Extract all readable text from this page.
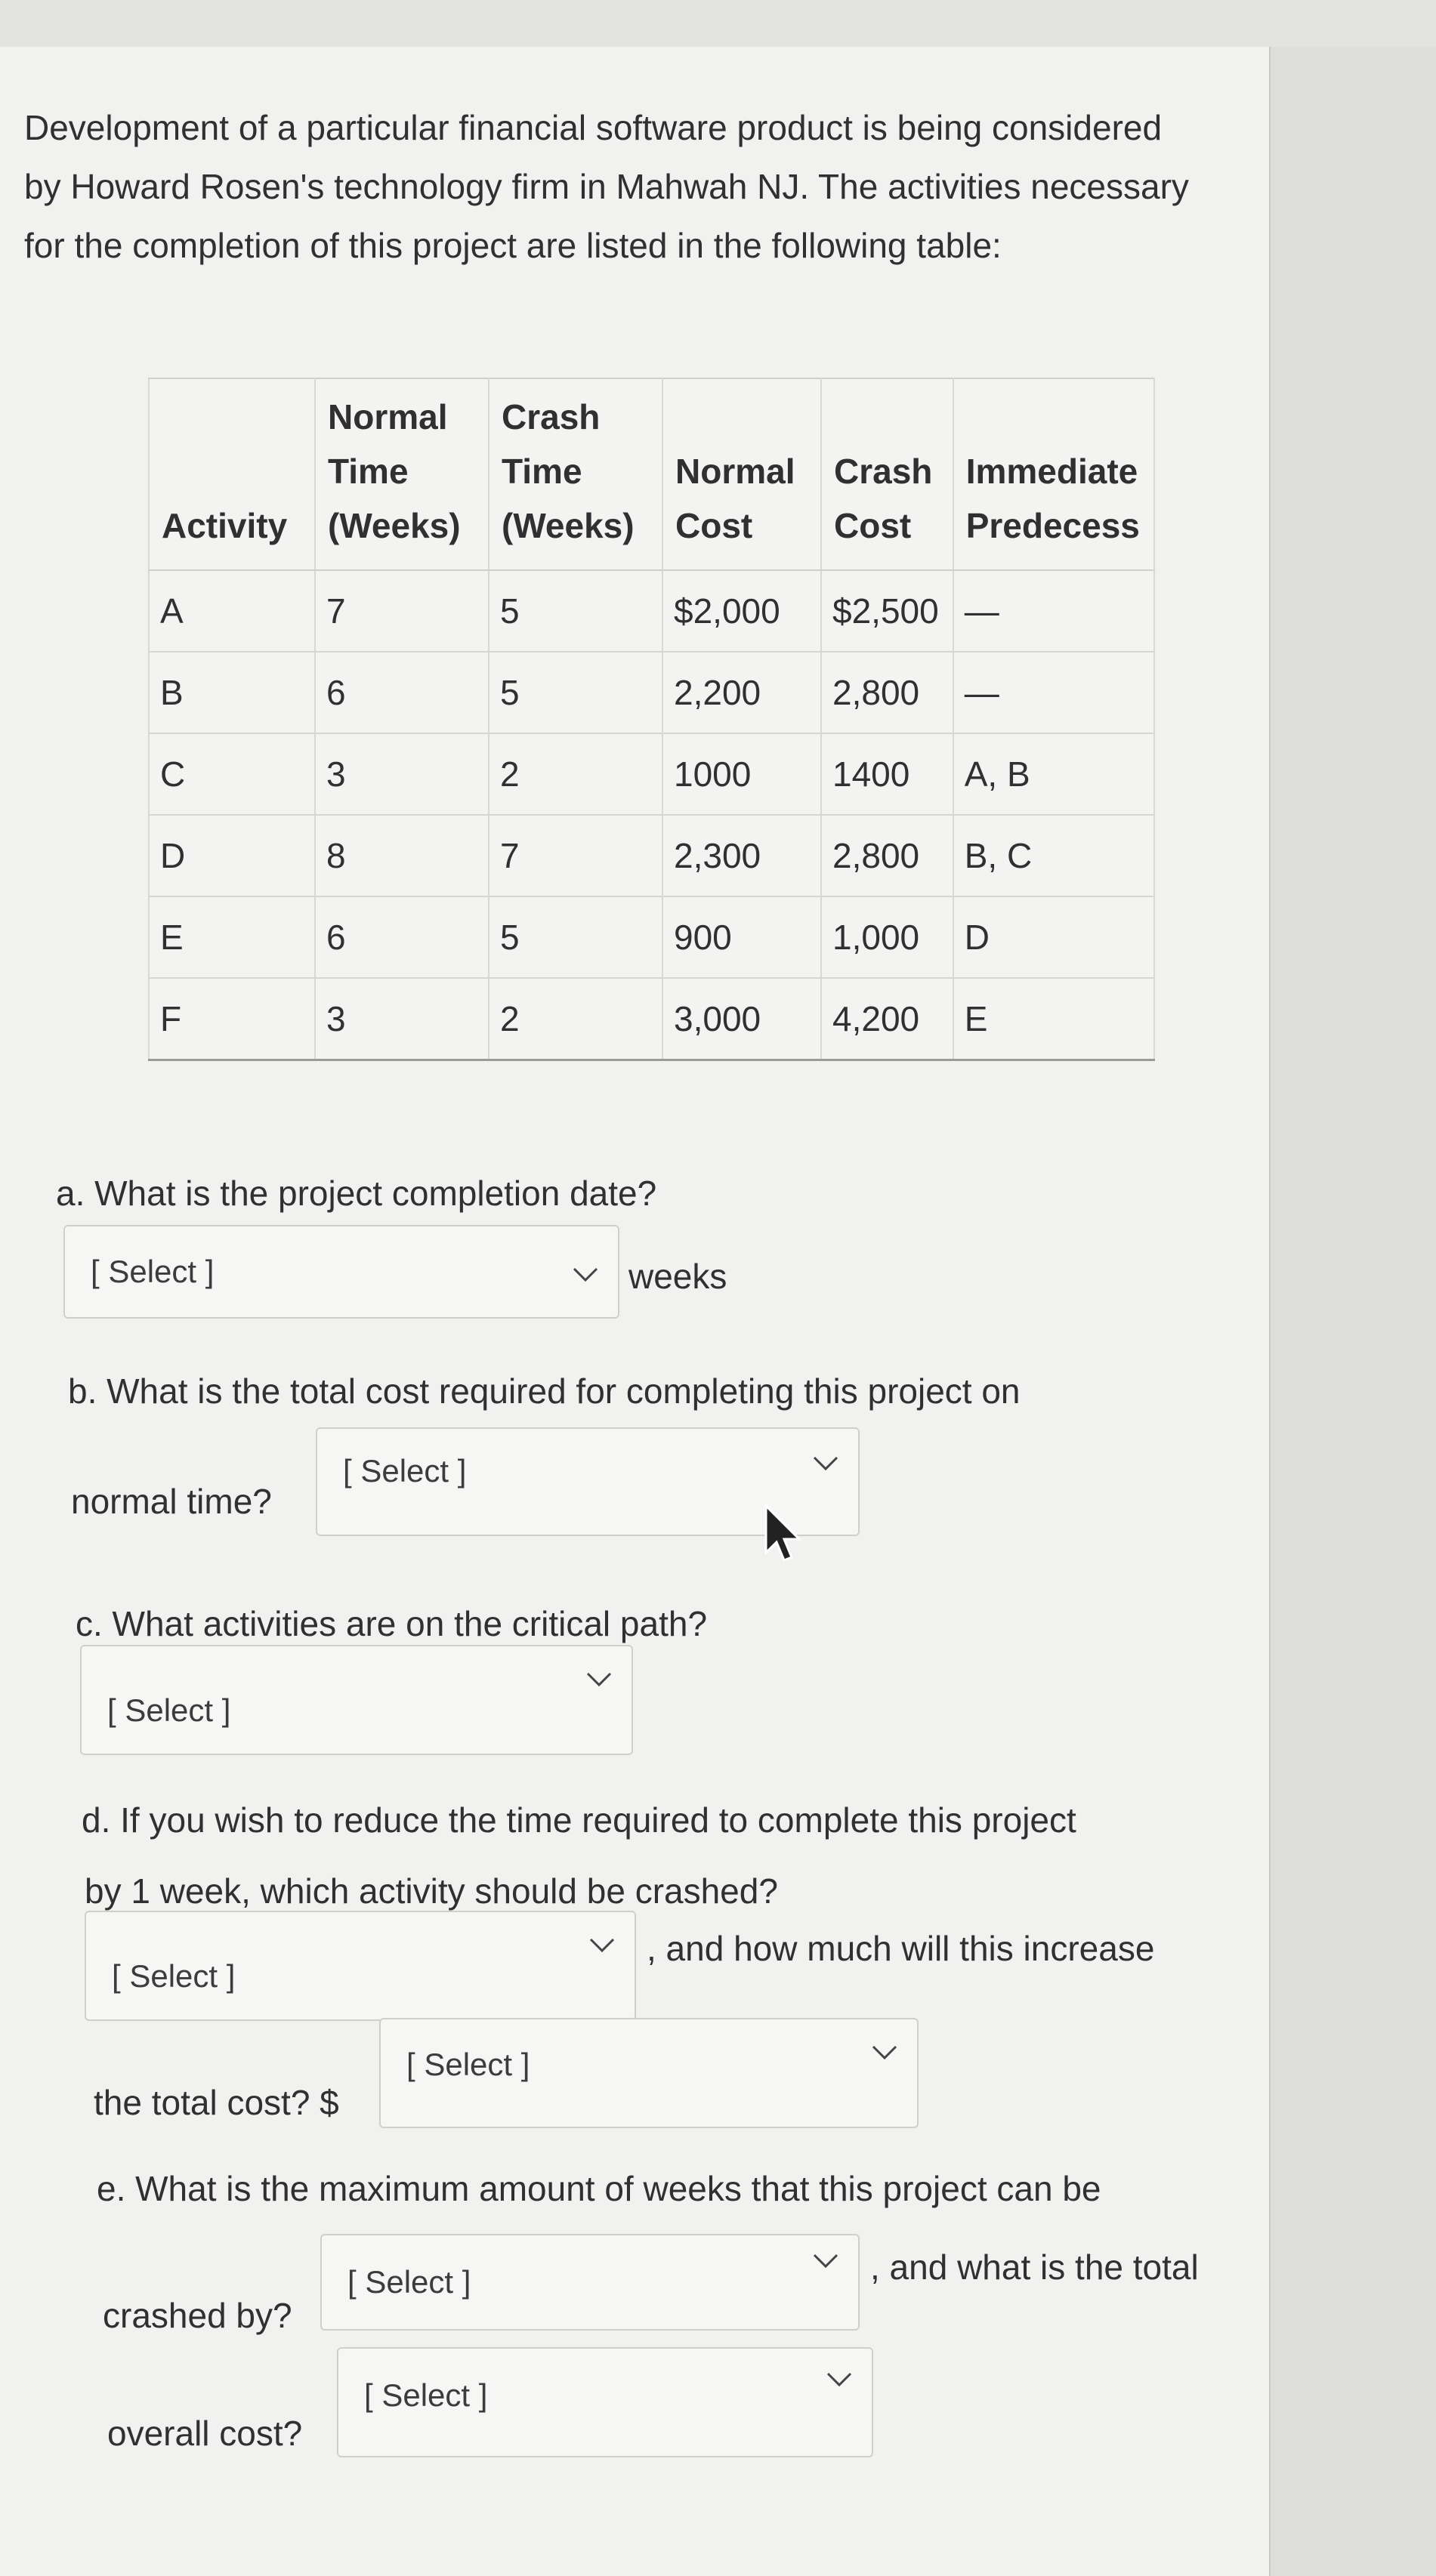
Development of a particular financial software product is being considered by Howard Rosen's technology firm in Mahwah NJ. The activities necessary for the completion of this project are listed in the following table:
Activity	Normal Time (Weeks)	Crash Time (Weeks)	Normal Cost	Crash Cost	Immediate Predecess
A	7	5	$2,000	$2,500	—
B	6	5	2,200	2,800	—
C	3	2	1000	1400	A, B
D	8	7	2,300	2,800	B, C
E	6	5	900	1,000	D
F	3	2	3,000	4,200	E
a. What is the project completion date?
[ Select ]	weeks
b. What is the total cost required for completing this project on
normal time?
[ Select ]
c. What activities are on the critical path?
[ Select ]
d. If you wish to reduce the time required to complete this project
by 1 week, which activity should be crashed?
[ Select ]
, and how much will this increase
the total cost? $
[ Select ]
e. What is the maximum amount of weeks that this project can be
crashed by?
[ Select ]	, and what is the total
overall cost?
[ Select ]
